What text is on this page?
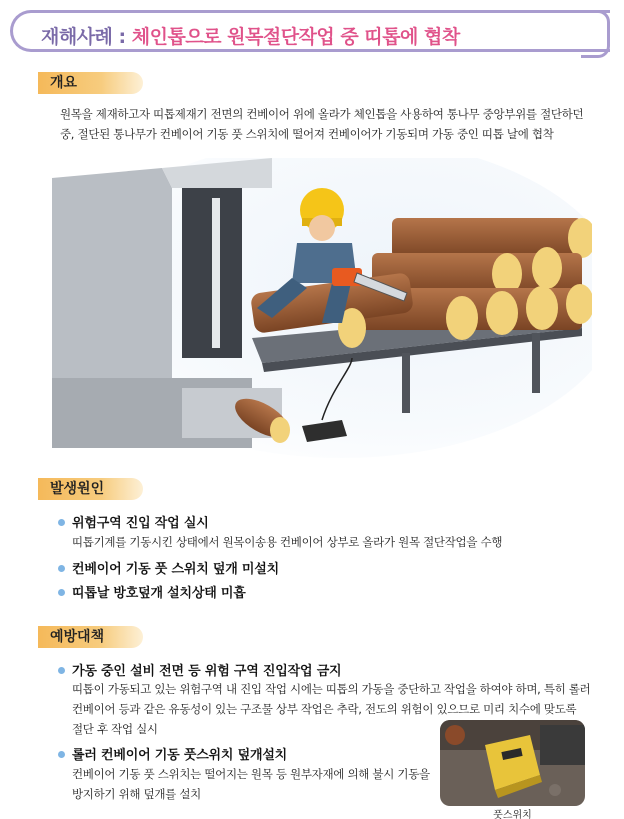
재해사례 : 체인톱으로 원목절단작업 중 띠톱에 협착
개요
원목을 제재하고자 띠톱제재기 전면의 컨베이어 위에 올라가 체인톱을 사용하여 통나무 중앙부위를 절단하던 중, 절단된 통나무가 컨베이어 기동 풋 스위치에 떨어져 컨베이어가 기동되며 가동 중인 띠톱 날에 협착
발생원인
위험구역 진입 작업 실시
띠톱기계를 기동시킨 상태에서 원목이송용 컨베이어 상부로 올라가 원목 절단작업을 수행
컨베이어 기동 풋 스위치 덮개 미설치
띠톱날 방호덮개 설치상태 미흡
예방대책
가동 중인 설비 전면 등 위험 구역 진입작업 금지
띠톱이 가동되고 있는 위험구역 내 진입 작업 시에는 띠톱의 가동을 중단하고 작업을 하여야 하며, 특히 롤러 컨베이어 등과 같은 유동성이 있는 구조물 상부 작업은 추락, 전도의 위험이 있으므로 미리 치수에 맞도록 절단 후 작업 실시
롤러 컨베이어 기동 풋스위치 덮개설치
컨베이어 기동 풋 스위치는 떨어지는 원목 등 원부자재에 의해 불시 기동을 방지하기 위해 덮개를 설치
풋스위치
